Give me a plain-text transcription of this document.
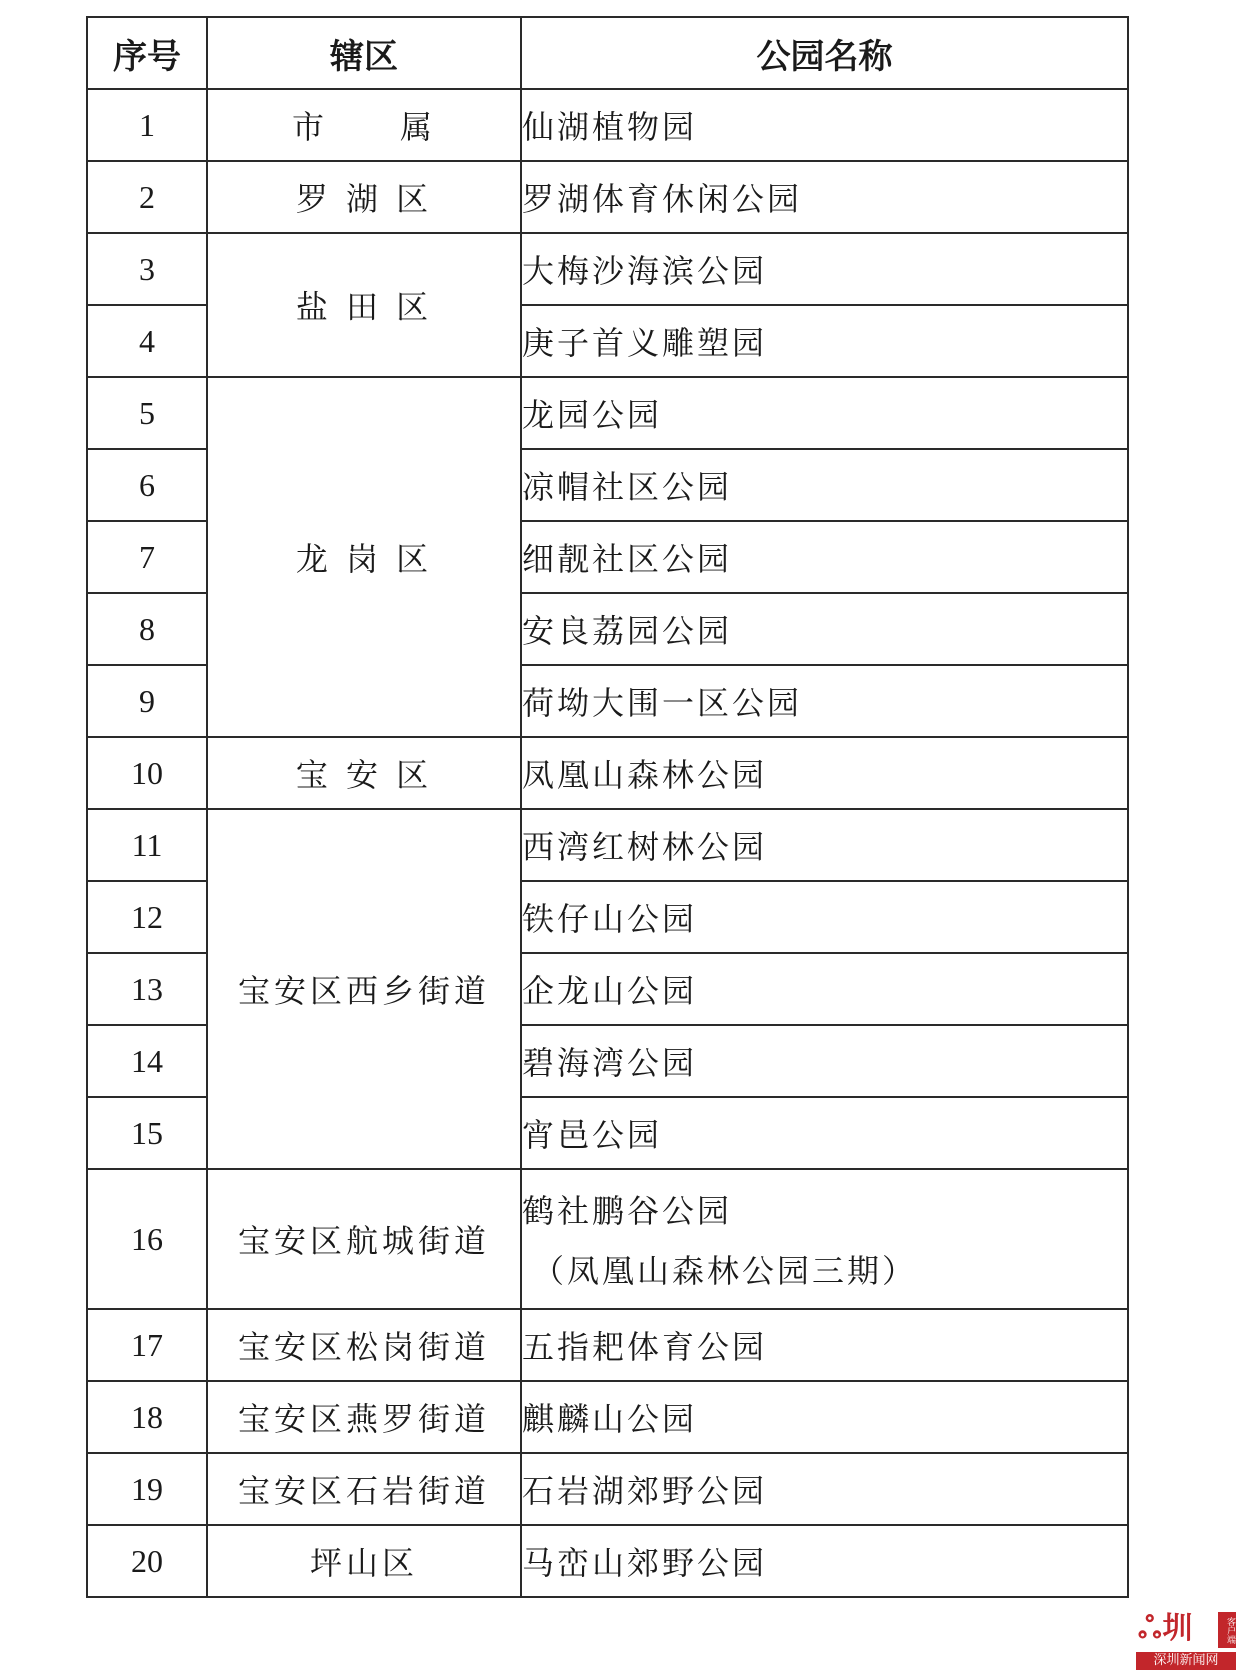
序号	辖区	公园名称
1	市　　属	仙湖植物园
2	罗 湖 区	罗湖体育休闲公园
3	盐 田 区	大梅沙海滨公园
4		庚子首义雕塑园
5	龙 岗 区	龙园公园
6		凉帽社区公园
7		细靓社区公园
8		安良荔园公园
9		荷坳大围一区公园
10	宝 安 区	凤凰山森林公园
11	宝安区西乡街道	西湾红树林公园
12		铁仔山公园
13		企龙山公园
14		碧海湾公园
15		宵邑公园
16	宝安区航城街道	鹤社鹏谷公园
（凤凰山森林公园三期）

17	宝安区松岗街道	五指耙体育公园
18	宝安区燕罗街道	麒麟山公园
19	宝安区石岩街道	石岩湖郊野公园
20	坪山区	马峦山郊野公园
ஃ圳	客户端
深圳新闻网
